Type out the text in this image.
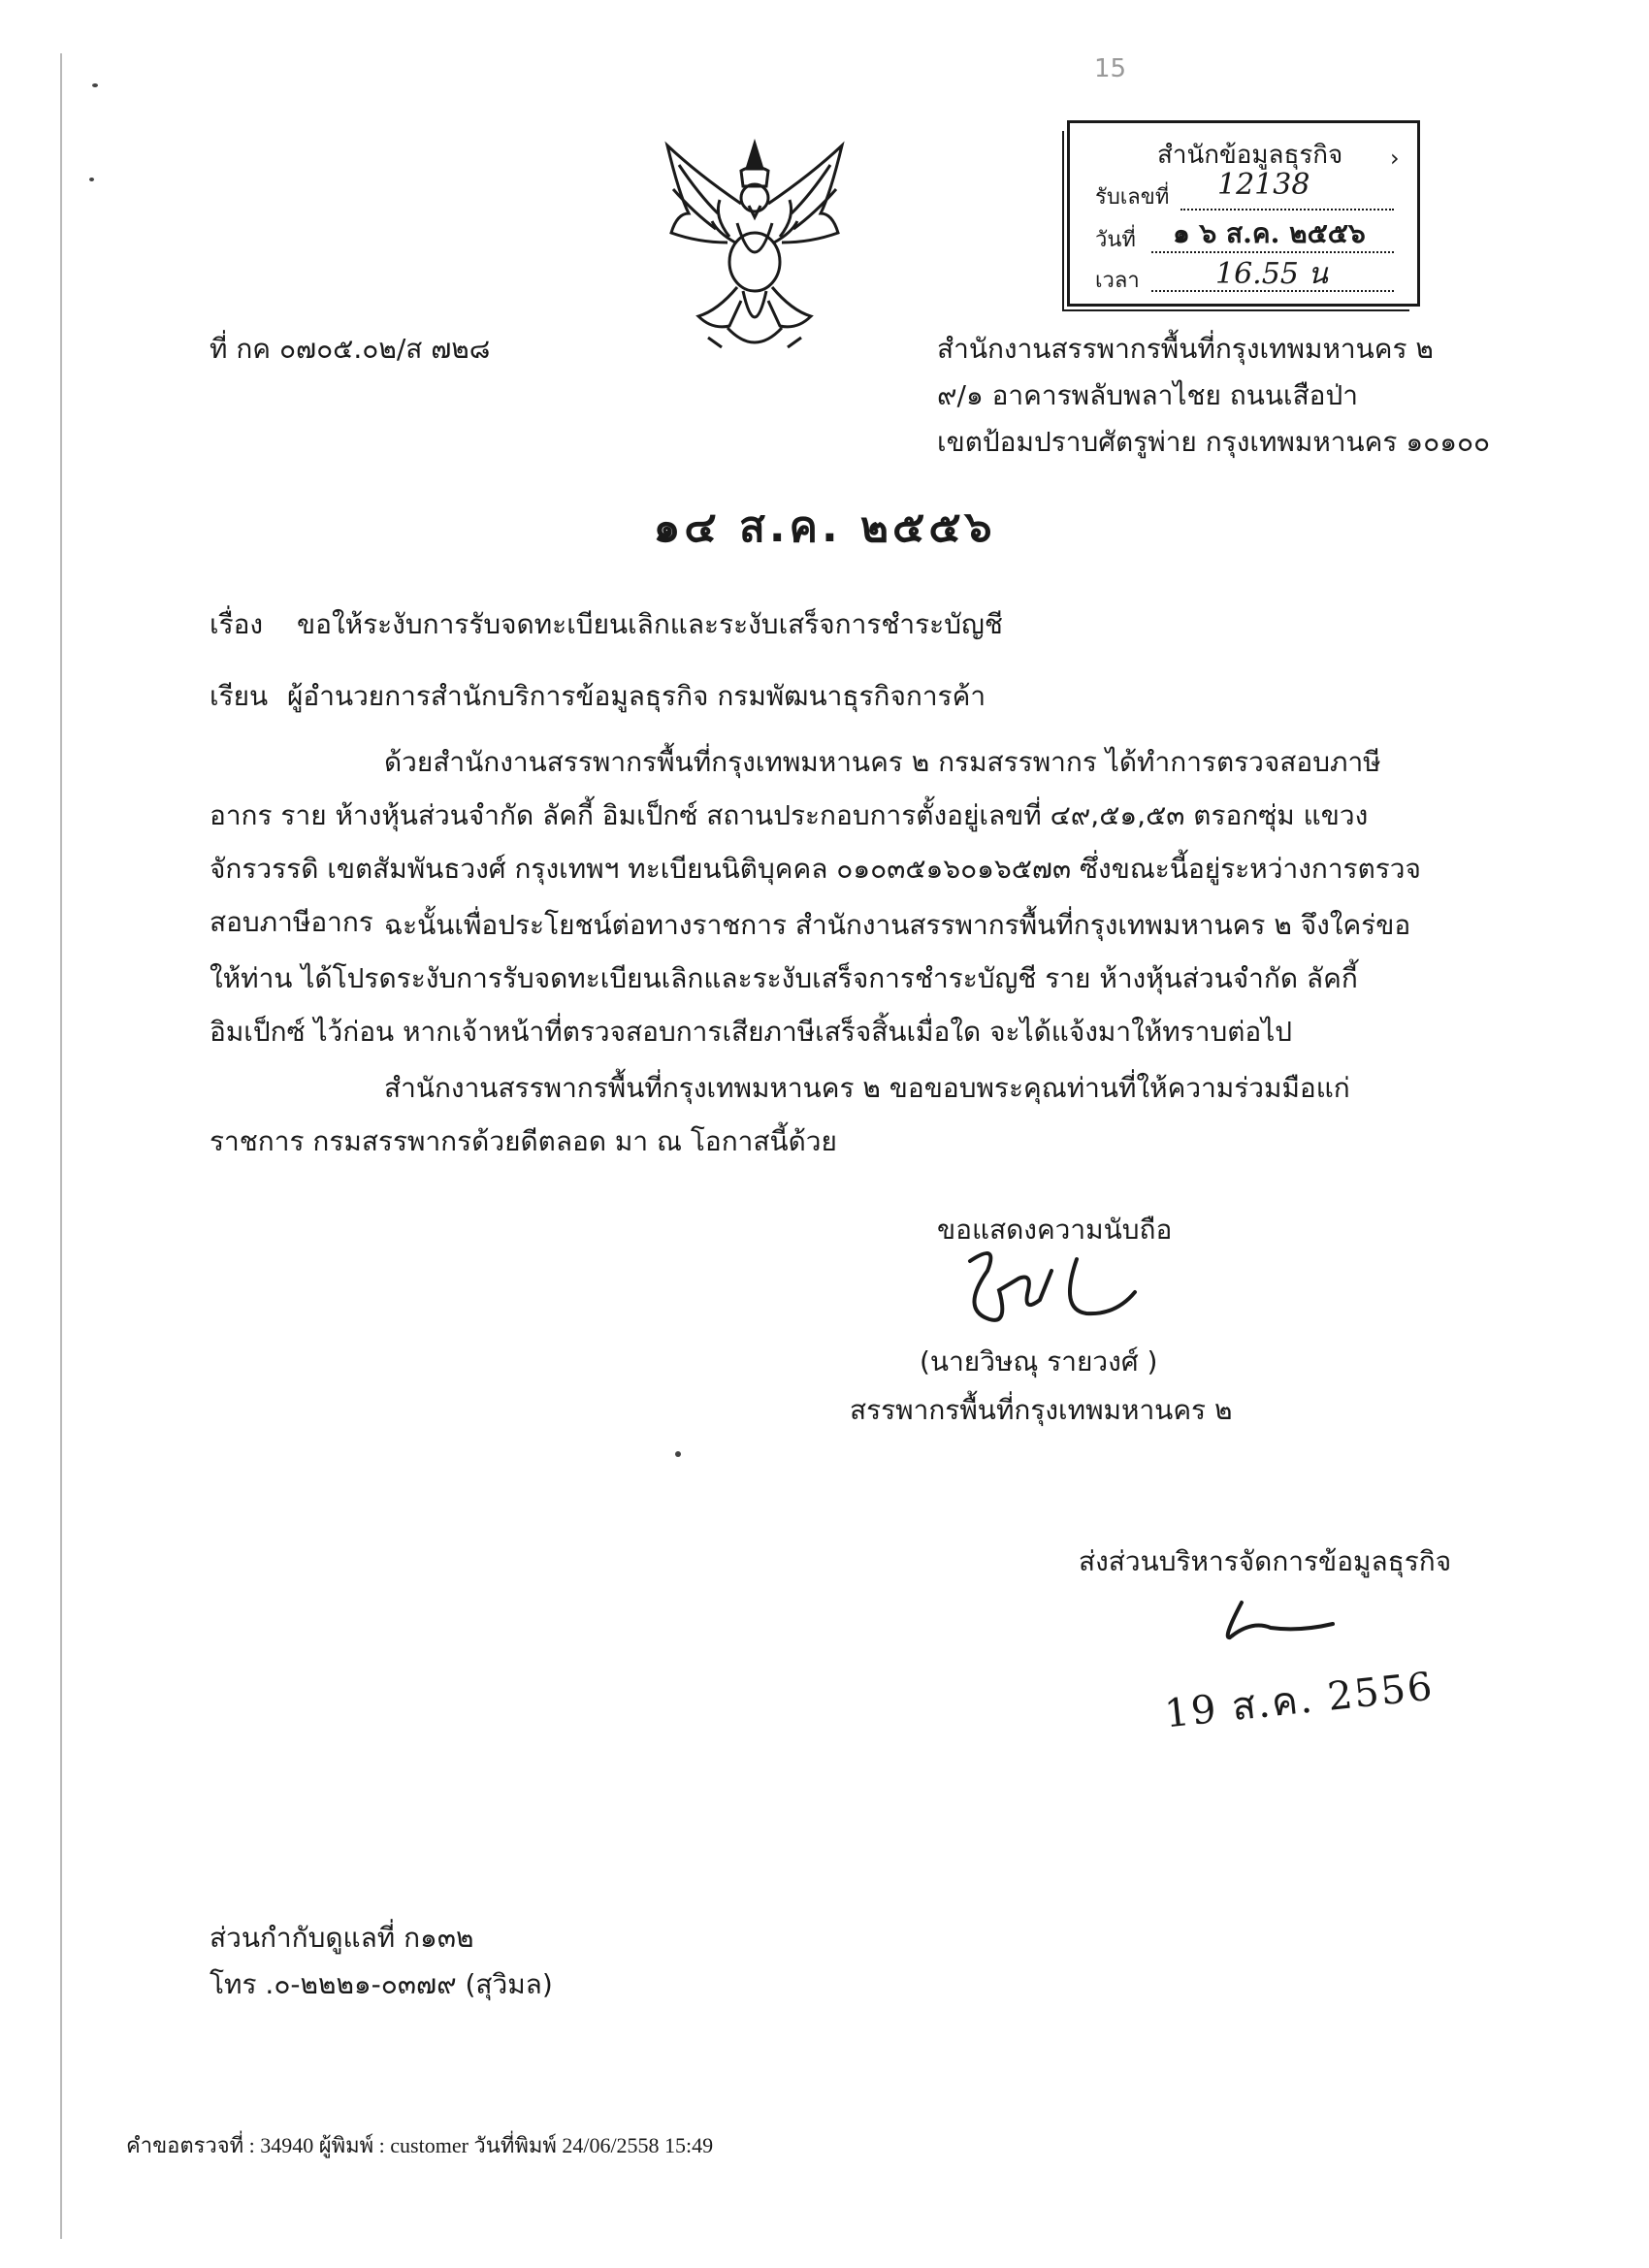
15
สำนักข้อมูลธุรกิจ ›
รับเลขที่ 12138
วันที่ ๑ ๖ ส.ค. ๒๕๕๖
เวลา	16.55 น
ที่ กค ๐๗๐๕.๐๒/ส ๗๒๘	สำนักงานสรรพากรพื้นที่กรุงเทพมหานคร ๒
๙/๑ อาคารพลับพลาไชย ถนนเสือป่า
เขตป้อมปราบศัตรูพ่าย กรุงเทพมหานคร ๑๐๑๐๐
๑๔ ส.ค. ๒๕๕๖
เรื่อง ขอให้ระงับการรับจดทะเบียนเลิกและระงับเสร็จการชำระบัญชี
เรียน ผู้อำนวยการสำนักบริการข้อมูลธุรกิจ กรมพัฒนาธุรกิจการค้า
ด้วยสำนักงานสรรพากรพื้นที่กรุงเทพมหานคร ๒ กรมสรรพากร ได้ทำการตรวจสอบภาษีอากร ราย ห้างหุ้นส่วนจำกัด ลัคกี้ อิมเป็กซ์ สถานประกอบการตั้งอยู่เลขที่ ๔๙,๕๑,๕๓ ตรอกซุ่ม แขวงจักรวรรดิ เขตสัมพันธวงศ์ กรุงเทพฯ ทะเบียนนิติบุคคล ๐๑๐๓๕๑๖๐๑๖๕๗๓ ซึ่งขณะนี้อยู่ระหว่างการตรวจสอบภาษีอากร ฉะนั้นเพื่อประโยชน์ต่อทางราชการ สำนักงานสรรพากรพื้นที่กรุงเทพมหานคร ๒ จึงใคร่ขอให้ท่าน ได้โปรดระงับการรับจดทะเบียนเลิกและระงับเสร็จการชำระบัญชี ราย ห้างหุ้นส่วนจำกัด ลัคกี้ อิมเป็กซ์ ไว้ก่อน หากเจ้าหน้าที่ตรวจสอบการเสียภาษีเสร็จสิ้นเมื่อใด จะได้แจ้งมาให้ทราบต่อไป
สำนักงานสรรพากรพื้นที่กรุงเทพมหานคร ๒ ขอขอบพระคุณท่านที่ให้ความร่วมมือแก่ราชการ กรมสรรพากรด้วยดีตลอด มา ณ โอกาสนี้ด้วย
ขอแสดงความนับถือ
(นายวิษณุ รายวงศ์ )
สรรพากรพื้นที่กรุงเทพมหานคร ๒
ส่งส่วนบริหารจัดการข้อมูลธุรกิจ
19 ส.ค. 2556
ส่วนกำกับดูแลที่ ก๑๓๒
โทร .๐-๒๒๒๑-๐๓๗๙ (สุวิมล)
คำขอตรวจที่ : 34940 ผู้พิมพ์ : customer วันที่พิมพ์ 24/06/2558 15:49
